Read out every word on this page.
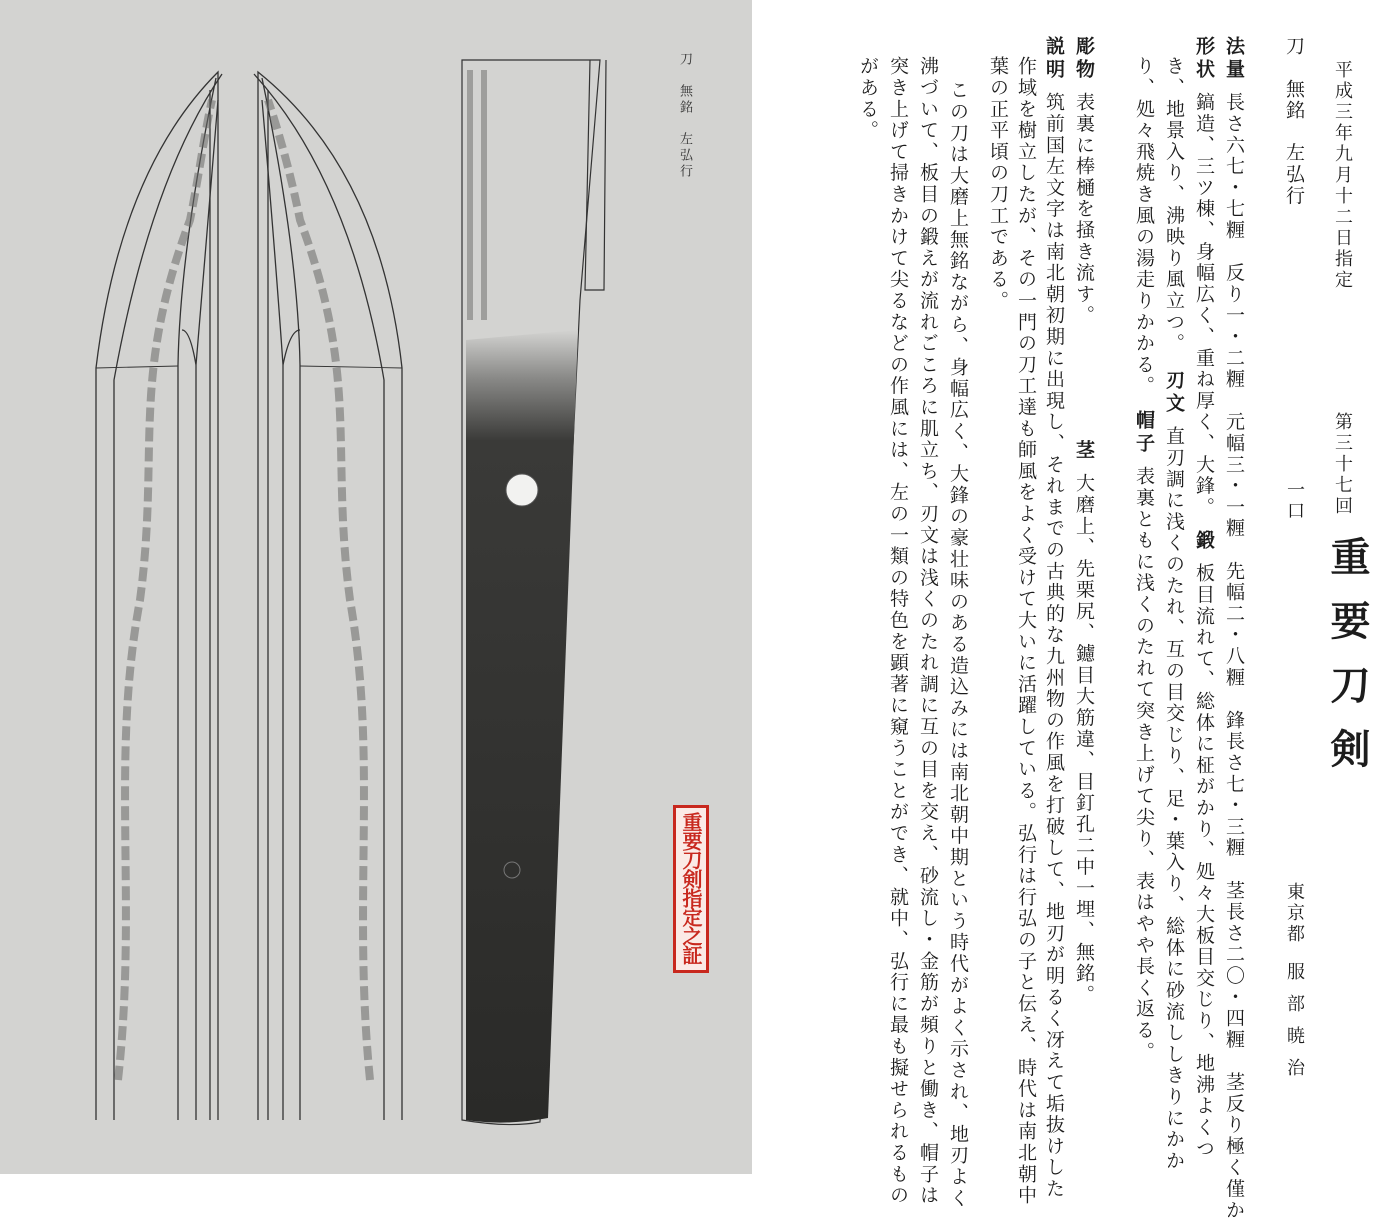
刀　無銘　左弘行
重要刀剣指定之証
平成三年九月十二日指定
第三十七回
重要刀剣
一口
東京都
服部暁治
刀　無銘　左弘行
法量長さ六七・七糎　反り一・二糎　元幅三・一糎　先幅二・八糎　鋒長さ七・三糎　茎長さ二〇・四糎　茎反り極く僅か
形状鎬造、三ツ棟、身幅広く、重ね厚く、大鋒。
鍛板目流れて、総体に柾がかり、処々大板目交じり、地沸よくつ
き、地景入り、沸映り風立つ。
刃文直刃調に浅くのたれ、互の目交じり、足・葉入り、総体に砂流ししきりにかか
り、処々飛焼き風の湯走りかかる。
帽子表裏ともに浅くのたれて突き上げて尖り、表はやや長く返る。
彫物表裏に棒樋を掻き流す。
茎大磨上、先栗尻、鑢目大筋違、目釘孔二中一埋、無銘。
説明筑前国左文字は南北朝初期に出現し、それまでの古典的な九州物の作風を打破して、地刃が明るく冴えて垢抜けした
作域を樹立したが、その一門の刀工達も師風をよく受けて大いに活躍している。弘行は行弘の子と伝え、時代は南北朝中
葉の正平頃の刀工である。
この刀は大磨上無銘ながら、身幅広く、大鋒の豪壮味のある造込みには南北朝中期という時代がよく示され、地刃よく
沸づいて、板目の鍛えが流れごころに肌立ち、刃文は浅くのたれ調に互の目を交え、砂流し・金筋が頻りと働き、帽子は
突き上げて掃きかけて尖るなどの作風には、左の一類の特色を顕著に窺うことができ、就中、弘行に最も擬せられるもの
がある。
